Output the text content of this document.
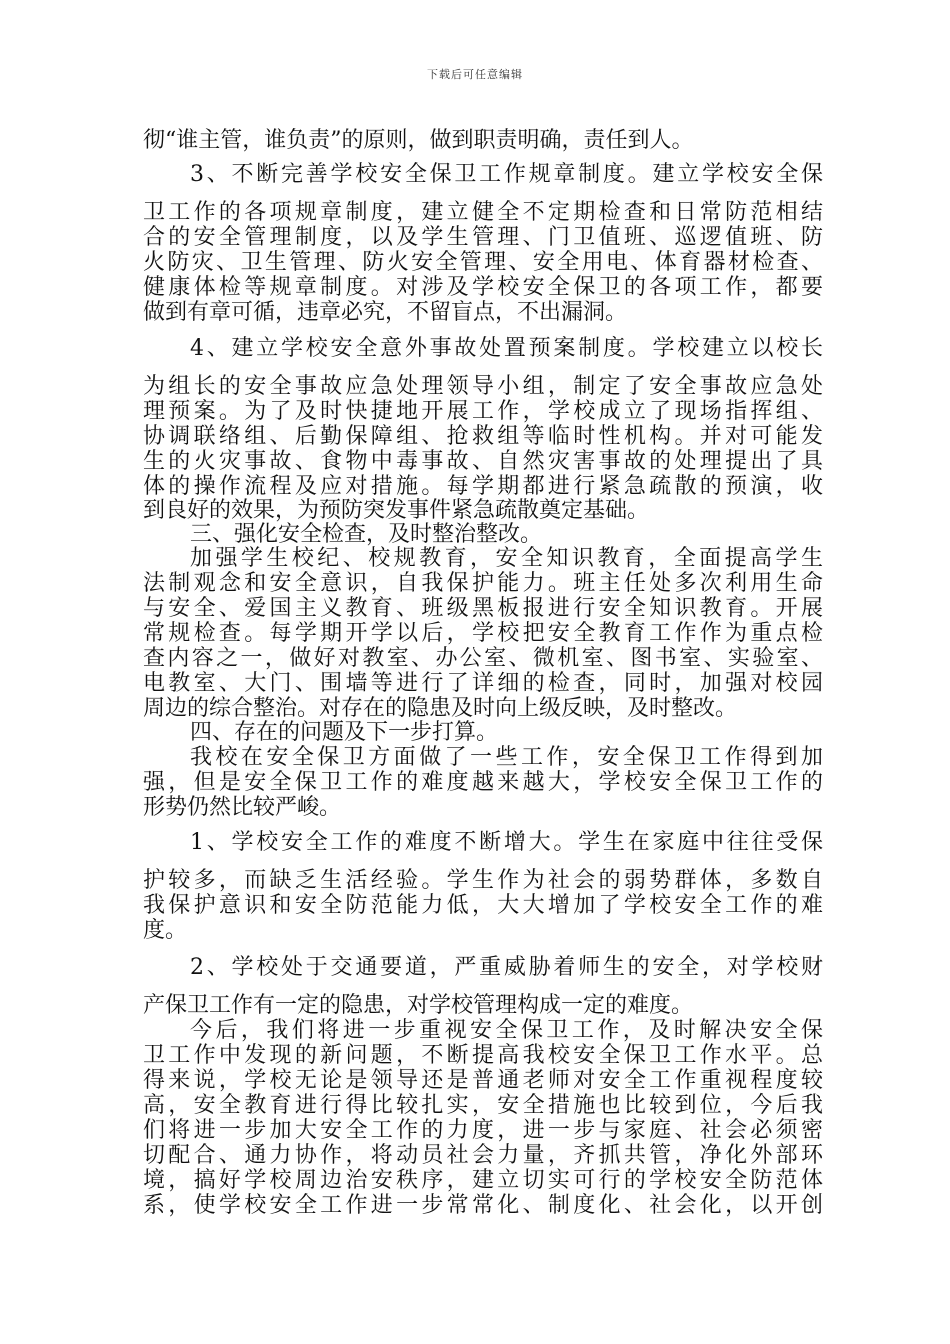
下载后可任意编辑
彻“谁主管，谁负责”的原则，做到职责明确，责任到人。
3、不断完善学校安全保卫工作规章制度。建立学校安全保
卫工作的各项规章制度，建立健全不定期检查和日常防范相结
合的安全管理制度，以及学生管理、门卫值班、巡逻值班、防
火防灾、卫生管理、防火安全管理、安全用电、体育器材检查、
健康体检等规章制度。对涉及学校安全保卫的各项工作，都要
做到有章可循，违章必究，不留盲点，不出漏洞。
4、建立学校安全意外事故处置预案制度。学校建立以校长
为组长的安全事故应急处理领导小组，制定了安全事故应急处
理预案。为了及时快捷地开展工作，学校成立了现场指挥组、
协调联络组、后勤保障组、抢救组等临时性机构。并对可能发
生的火灾事故、食物中毒事故、自然灾害事故的处理提出了具
体的操作流程及应对措施。每学期都进行紧急疏散的预演，收
到良好的效果，为预防突发事件紧急疏散奠定基础。
三、强化安全检查，及时整治整改。
加强学生校纪、校规教育，安全知识教育，全面提高学生
法制观念和安全意识，自我保护能力。班主任处多次利用生命
与安全、爱国主义教育、班级黑板报进行安全知识教育。开展
常规检查。每学期开学以后，学校把安全教育工作作为重点检
查内容之一，做好对教室、办公室、微机室、图书室、实验室、
电教室、大门、围墙等进行了详细的检查，同时，加强对校园
周边的综合整治。对存在的隐患及时向上级反映，及时整改。
四、存在的问题及下一步打算。
我校在安全保卫方面做了一些工作，安全保卫工作得到加
强，但是安全保卫工作的难度越来越大，学校安全保卫工作的
形势仍然比较严峻。
1、学校安全工作的难度不断增大。学生在家庭中往往受保
护较多，而缺乏生活经验。学生作为社会的弱势群体，多数自
我保护意识和安全防范能力低，大大增加了学校安全工作的难
度。
2、学校处于交通要道，严重威胁着师生的安全，对学校财
产保卫工作有一定的隐患，对学校管理构成一定的难度。
今后，我们将进一步重视安全保卫工作，及时解决安全保
卫工作中发现的新问题，不断提高我校安全保卫工作水平。总
得来说，学校无论是领导还是普通老师对安全工作重视程度较
高，安全教育进行得比较扎实，安全措施也比较到位，今后我
们将进一步加大安全工作的力度，进一步与家庭、社会必须密
切配合、通力协作，将动员社会力量，齐抓共管，净化外部环
境，搞好学校周边治安秩序，建立切实可行的学校安全防范体
系，使学校安全工作进一步常常化、制度化、社会化，以开创
